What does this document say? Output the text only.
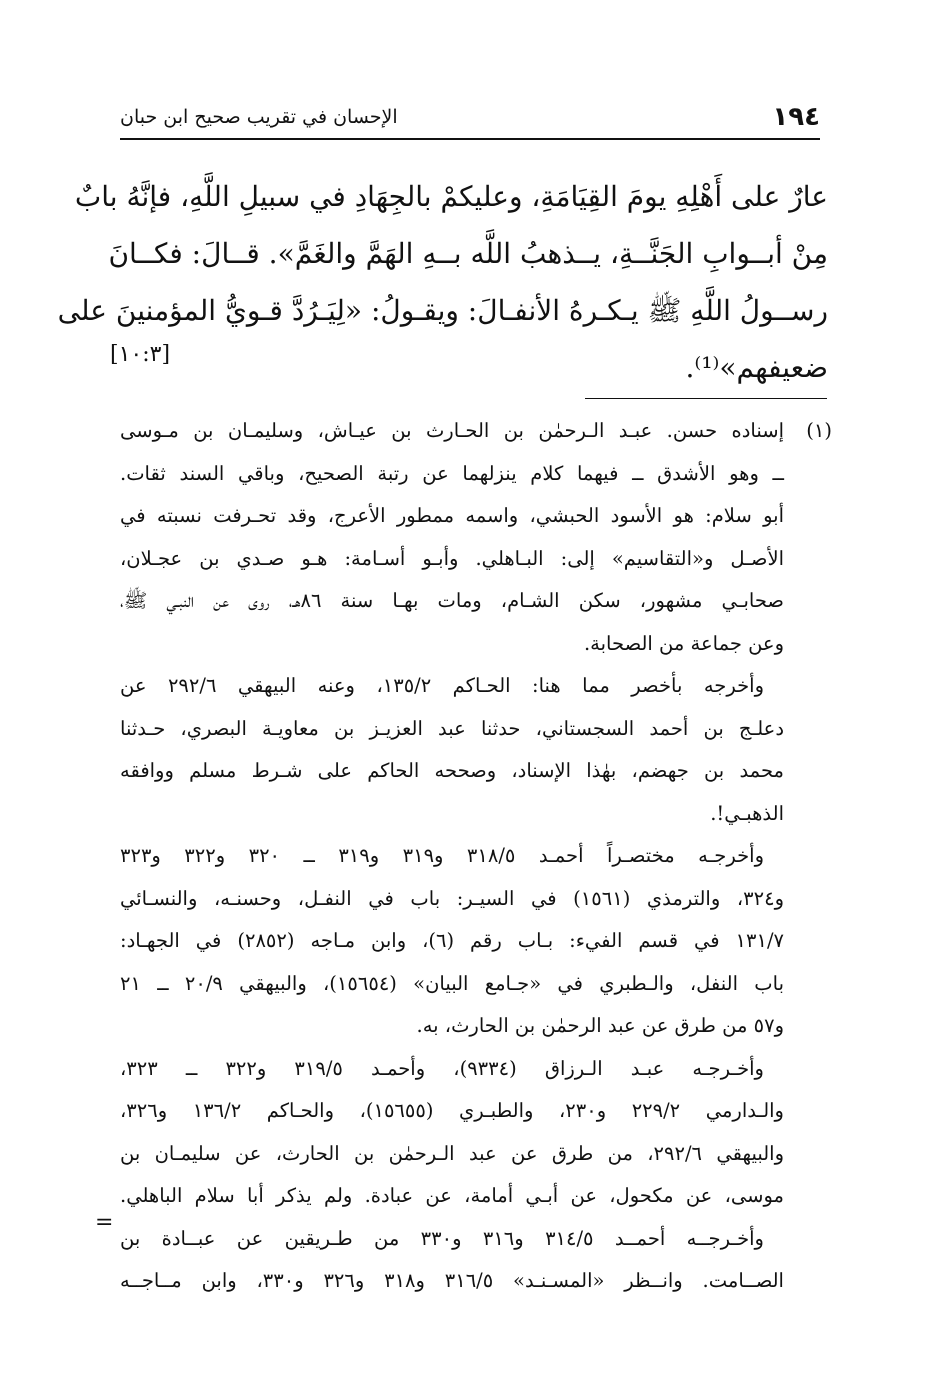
١٩٤
الإحسان في تقريب صحيح ابن حبان
عارٌ على أَهْلِهِ يومَ القِيَامَةِ، وعليكمْ بالجِهَادِ في سبيلِ اللَّهِ، فإنَّهُ بابٌ
مِنْ أبــوابِ الجَنَّــةِ، يــذهبُ اللَّه بــهِ الهَمَّ والغَمَّ». قــالَ: فكــانَ
رســولُ اللَّهِ ﷺ يـكـرهُ الأنفـالَ: ويقـولُ: «لِيَـرُدَّ قـويُّ المؤمنينَ على
ضعيفهم»⁽¹⁾.
[١٠:٣]
(١)
إسناده حسن. عبـد الـرحمٰن بن الحـارث بن عيـاش، وسليمـان بن مـوسى
ــ وهو الأشدق ــ فيهما كلام ينزلهما عن رتبة الصحيح، وباقي السند ثقات.
أبو سلام: هو الأسود الحبشي، واسمه ممطور الأعرج، وقد تحـرفت نسبته في
الأصـل و«التقاسيم» إلى: البـاهلي. وأبـو أسـامة: هـو صـدي بن عجـلان،
صحابـي مشهور، سكن الشـام، ومات بهـا سنة ٨٦هـ، روى عن النبـي ﷺ،
وعن جماعة من الصحابة.
وأخرجه بأخصر مما هنا: الحـاكم ١٣٥/٢، وعنه البيهقي ٢٩٢/٦ عن
دعلـج بن أحمد السجستاني، حدثنا عبد العزيـز بن معاويـة البصري، حـدثنا
محمد بن جهضم، بهٰذا الإسناد، وصححه الحاكم على شـرط مسلم ووافقه
الذهبـي!.
وأخرجـه مختصـراً أحمـد ٣١٨/٥ و٣١٩ و٣١٩ ــ ٣٢٠ و٣٢٢ و٣٢٣
و٣٢٤، والترمذي (١٥٦١) في السيـر: باب في النفـل، وحسنـه، والنسـائي
١٣١/٧ في قسم الفيء: بـاب رقم (٦)، وابن مـاجه (٢٨٥٢) في الجهـاد:
باب النفل، والـطبري في «جـامع البيان» (١٥٦٥٤)، والبيهقي ٢٠/٩ ــ ٢١
و٥٧ من طرق عن عبد الرحمٰن بن الحارث، به.
وأخـرجـه عبـد الـرزاق (٩٣٣٤)، وأحمـد ٣١٩/٥ و٣٢٢ ــ ٣٢٣،
والـدارمي ٢٢٩/٢ و٢٣٠، والطبـري (١٥٦٥٥)، والحـاكم ١٣٦/٢ و٣٢٦،
والبيهقي ٢٩٢/٦، من طرق عن عبد الـرحمٰن بن الحارث، عن سليمـان بن
موسى، عن مكحول، عن أبـي أمامة، عن عبادة. ولم يذكر أبا سلام الباهلي.
وأخـرجــه أحمــد ٣١٤/٥ و٣١٦ و٣٣٠ من طـريقين عن عبــادة بن
الصــامت. وانــظر «المسـنـد» ٣١٦/٥ و٣١٨ و٣٢٦ و٣٣٠، وابن مــاجــه
=
